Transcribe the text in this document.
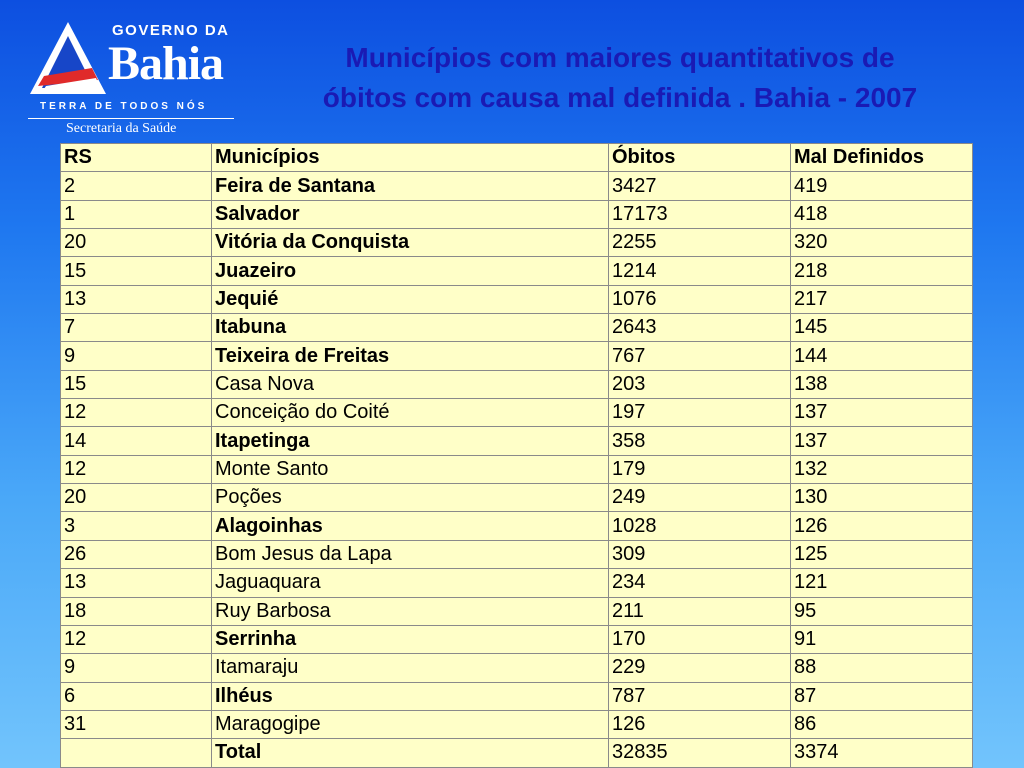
GOVERNO DA
Bahia
TERRA DE TODOS NÓS
Secretaria da Saúde
Municípios com maiores quantitativos de
óbitos com causa mal definida . Bahia - 2007
RS	Municípios	Óbitos	Mal Definidos
2	Feira de Santana	3427	419
1	Salvador	17173	418
20	Vitória da Conquista	2255	320
15	Juazeiro	1214	218
13	Jequié	1076	217
7	Itabuna	2643	145
9	Teixeira de Freitas	767	144
15	Casa Nova	203	138
12	Conceição do Coité	197	137
14	Itapetinga	358	137
12	Monte Santo	179	132
20	Poções	249	130
3	Alagoinhas	1028	126
26	Bom Jesus da Lapa	309	125
13	Jaguaquara	234	121
18	Ruy Barbosa	211	95
12	Serrinha	170	91
9	Itamaraju	229	88
6	Ilhéus	787	87
31	Maragogipe	126	86
	Total	32835	3374
